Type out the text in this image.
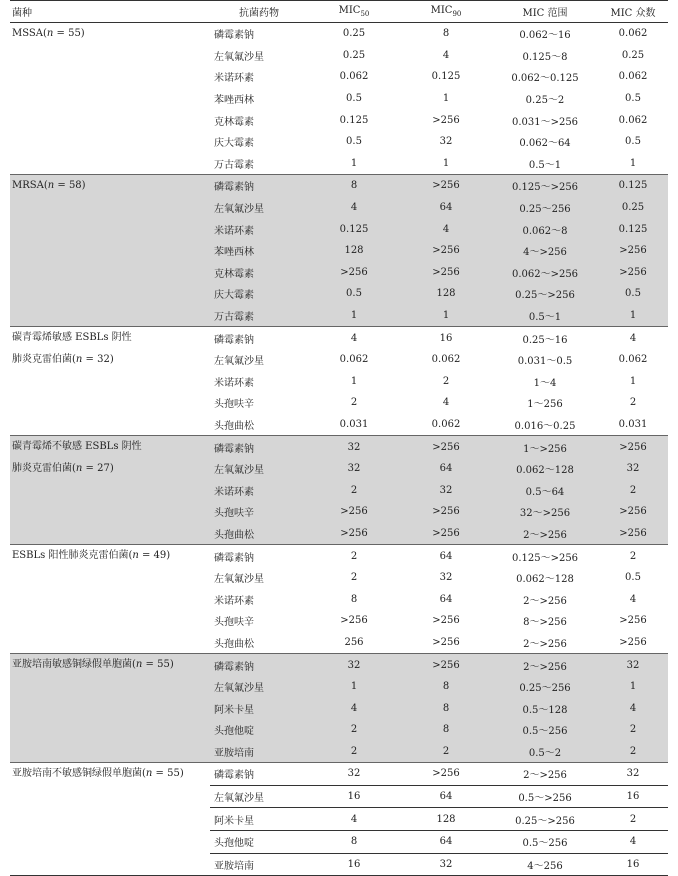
菌种	抗菌药物	$MIC_{50}$	$MIC_{90}$	MIC 范围	MIC 众数

MSSA(n = 55)	磷霉素钠	0.25	8	0.062～16	0.062
	左氧氟沙星	0.25	4	0.125～8	0.25
	米诺环素	0.062	0.125	0.062～0.125	0.062
	苯唑西林	0.5	1	0.25～2	0.5
	克林霉素	0.125	>256	0.031～>256	0.062
	庆大霉素	0.5	32	0.062～64	0.5
	万古霉素	1	1	0.5～1	1

MRSA(n = 58)	磷霉素钠	8	>256	0.125～>256	0.125
	左氧氟沙星	4	64	0.25～256	0.25
	米诺环素	0.125	4	0.062～8	0.125
	苯唑西林	128	>256	4～>256	>256
	克林霉素	>256	>256	0.062～>256	>256
	庆大霉素	0.5	128	0.25～>256	0.5
	万古霉素	1	1	0.5～1	1

碳青霉烯敏感 ESBLs 阴性
肺炎克雷伯菌(n = 32)	磷霉素钠	4	16	0.25～16	4
	左氧氟沙星	0.062	0.062	0.031～0.5	0.062
	米诺环素	1	2	1～4	1
	头孢呋辛	2	4	1～256	2
	头孢曲松	0.031	0.062	0.016～0.25	0.031

碳青霉烯不敏感 ESBLs 阴性
肺炎克雷伯菌(n = 27)	磷霉素钠	32	>256	1～>256	>256
	左氧氟沙星	32	64	0.062～128	32
	米诺环素	2	32	0.5～64	2
	头孢呋辛	>256	>256	32～>256	>256
	头孢曲松	>256	>256	2～>256	>256

ESBLs 阳性肺炎克雷伯菌(n = 49)	磷霉素钠	2	64	0.125～>256	2
	左氧氟沙星	2	32	0.062～128	0.5
	米诺环素	8	64	2～>256	4
	头孢呋辛	>256	>256	8～>256	>256
	头孢曲松	256	>256	2～>256	>256

亚胺培南敏感铜绿假单胞菌(n = 55)	磷霉素钠	32	>256	2～>256	32
	左氧氟沙星	1	8	0.25～256	1
	阿米卡星	4	8	0.5～128	4
	头孢他啶	2	8	0.5～256	2
	亚胺培南	2	2	0.5～2	2

亚胺培南不敏感铜绿假单胞菌(n = 55)	磷霉素钠	32	>256	2～>256	32
	左氧氟沙星	16	64	0.5～>256	16
	阿米卡星	4	128	0.25～>256	2
	头孢他啶	8	64	0.5～256	4
	亚胺培南	16	32	4～256	16
